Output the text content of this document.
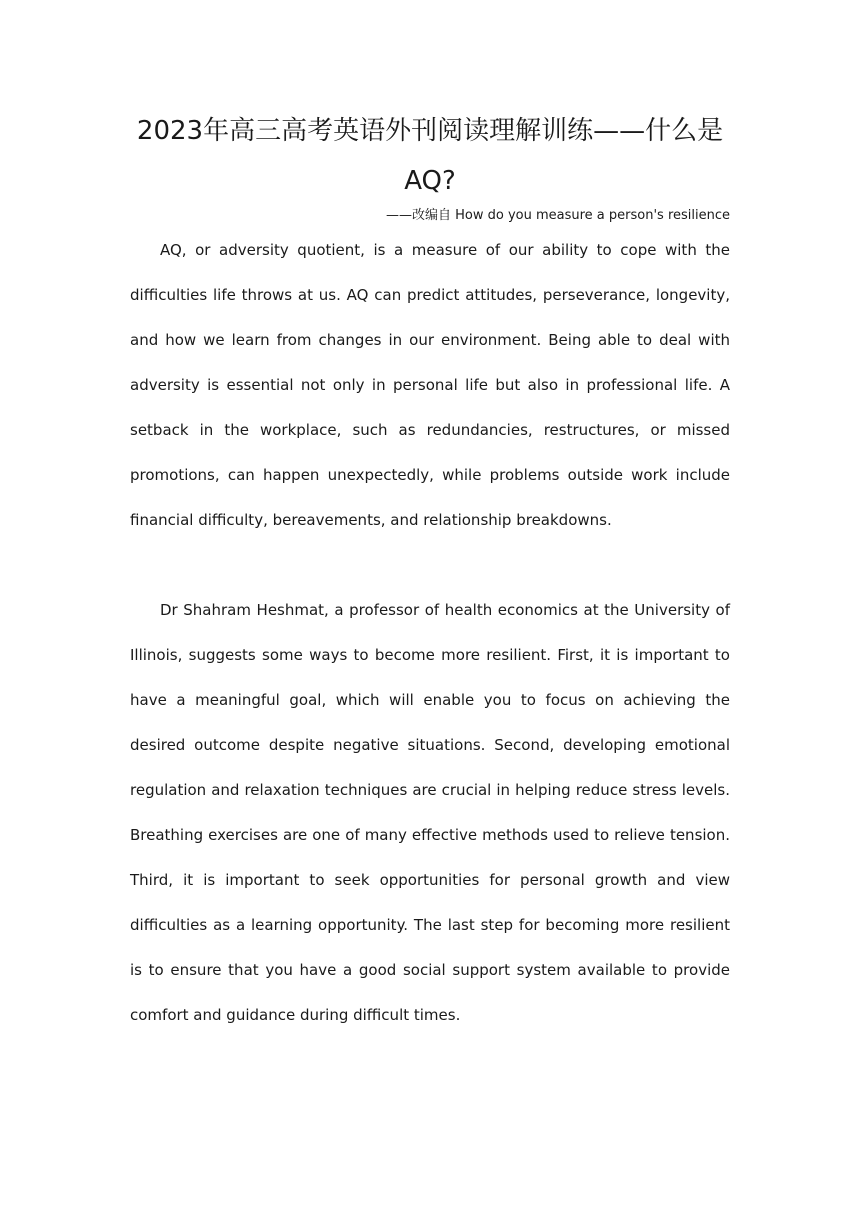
2023年高三高考英语外刊阅读理解训练——什么是AQ?
——改编自 How do you measure a person's resilience

AQ, or adversity quotient, is a measure of our ability to cope with the difficulties life throws at us. AQ can predict attitudes, perseverance, longevity, and how we learn from changes in our environment. Being able to deal with adversity is essential not only in personal life but also in professional life. A setback in the workplace, such as redundancies, restructures, or missed promotions, can happen unexpectedly, while problems outside work include financial difficulty, bereavements, and relationship breakdowns.

Dr Shahram Heshmat, a professor of health economics at the University of Illinois, suggests some ways to become more resilient. First, it is important to have a meaningful goal, which will enable you to focus on achieving the desired outcome despite negative situations. Second, developing emotional regulation and relaxation techniques are crucial in helping reduce stress levels. Breathing exercises are one of many effective methods used to relieve tension. Third, it is important to seek opportunities for personal growth and view difficulties as a learning opportunity. The last step for becoming more resilient is to ensure that you have a good social support system available to provide comfort and guidance during difficult times.
